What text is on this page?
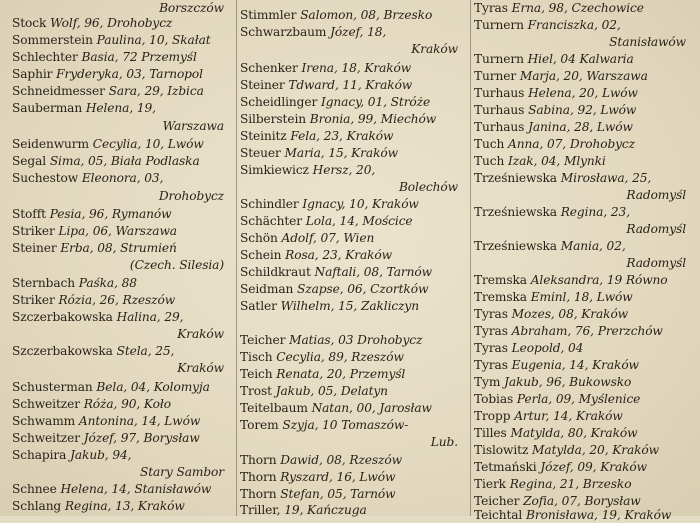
Borszczów
Stock Wolf, 96, Drohobycz
Sommerstein Paulina, 10, Skałat
Schlechter Basia, 72 Przemyśl
Saphir Fryderyka, 03, Tarnopol
Schneidmesser Sara, 29, Izbica
Sauberman Helena, 19,
Warszawa
Seidenwurm Cecylia, 10, Lwów
Segal Sima, 05, Biała Podlaska
Suchestow Eleonora, 03,
Drohobycz
Stofft Pesia, 96, Rymanów
Striker Lipa, 06, Warszawa
Steiner Erba, 08, Strumień
(Czech. Silesia)
Sternbach Paśka, 88
Striker Rózia, 26, Rzeszów
Szczerbakowska Halina, 29,
Kraków
Szczerbakowska Stela, 25,
Kraków
Schusterman Bela, 04, Kolomyja
Schweitzer Róża, 90, Koło
Schwamm Antonina, 14, Lwów
Schweitzer Józef, 97, Borysław
Schapira Jakub, 94,
Stary Sambor
Schnee Helena, 14, Stanisławów
Schlang Regina, 13, Kraków
Stimmler Salomon, 08, Brzesko
Schwarzbaum Józef, 18,
Kraków
Schenker Irena, 18, Kraków
Steiner Tdward, 11, Kraków
Scheidlinger Ignacy, 01, Stróże
Silberstein Bronia, 99, Miechów
Steinitz Fela, 23, Kraków
Steuer Maria, 15, Kraków
Simkiewicz Hersz, 20,
Bolechów
Schindler Ignacy, 10, Kraków
Schächter Lola, 14, Mościce
Schön Adolf, 07, Wien
Schein Rosa, 23, Kraków
Schildkraut Naftali, 08, Tarnów
Seidman Szapse, 06, Czortków
Satler Wilhelm, 15, Zakliczyn
Teicher Matias, 03 Drohobycz
Tisch Cecylia, 89, Rzeszów
Teich Renata, 20, Przemyśl
Trost Jakub, 05, Delatyn
Teitelbaum Natan, 00, Jarosław
Torem Szyja, 10 Tomaszów-
Lub.
Thorn Dawid, 08, Rzeszów
Thorn Ryszard, 16, Lwów
Thorn Stefan, 05, Tarnów
Triller, 19, Kańczuga
Tyras Erna, 98, Czechowice
Turnern Franciszka, 02,
Stanisławów
Turnern Hiel, 04 Kalwaria
Turner Marja, 20, Warszawa
Turhaus Helena, 20, Lwów
Turhaus Sabina, 92, Lwów
Turhaus Janina, 28, Lwów
Tuch Anna, 07, Drohobycz
Tuch Izak, 04, Mlynki
Trześniewska Mirosława, 25,
Radomyśl
Trześniewska Regina, 23,
Radomyśl
Trześniewska Mania, 02,
Radomyśl
Tremska Aleksandra, 19 Równo
Tremska Eminl, 18, Lwów
Tyras Mozes, 08, Kraków
Tyras Abraham, 76, Prerzchów
Tyras Leopold, 04
Tyras Eugenia, 14, Kraków
Tym Jakub, 96, Bukowsko
Tobias Perla, 09, Myślenice
Tropp Artur, 14, Kraków
Tilles Matylda, 80, Kraków
Tislowitz Matylda, 20, Kraków
Tetmański Józef, 09, Kraków
Tierk Regina, 21, Brzesko
Teicher Zofia, 07, Borysław
Teichtal Bronisława, 19, Kraków
